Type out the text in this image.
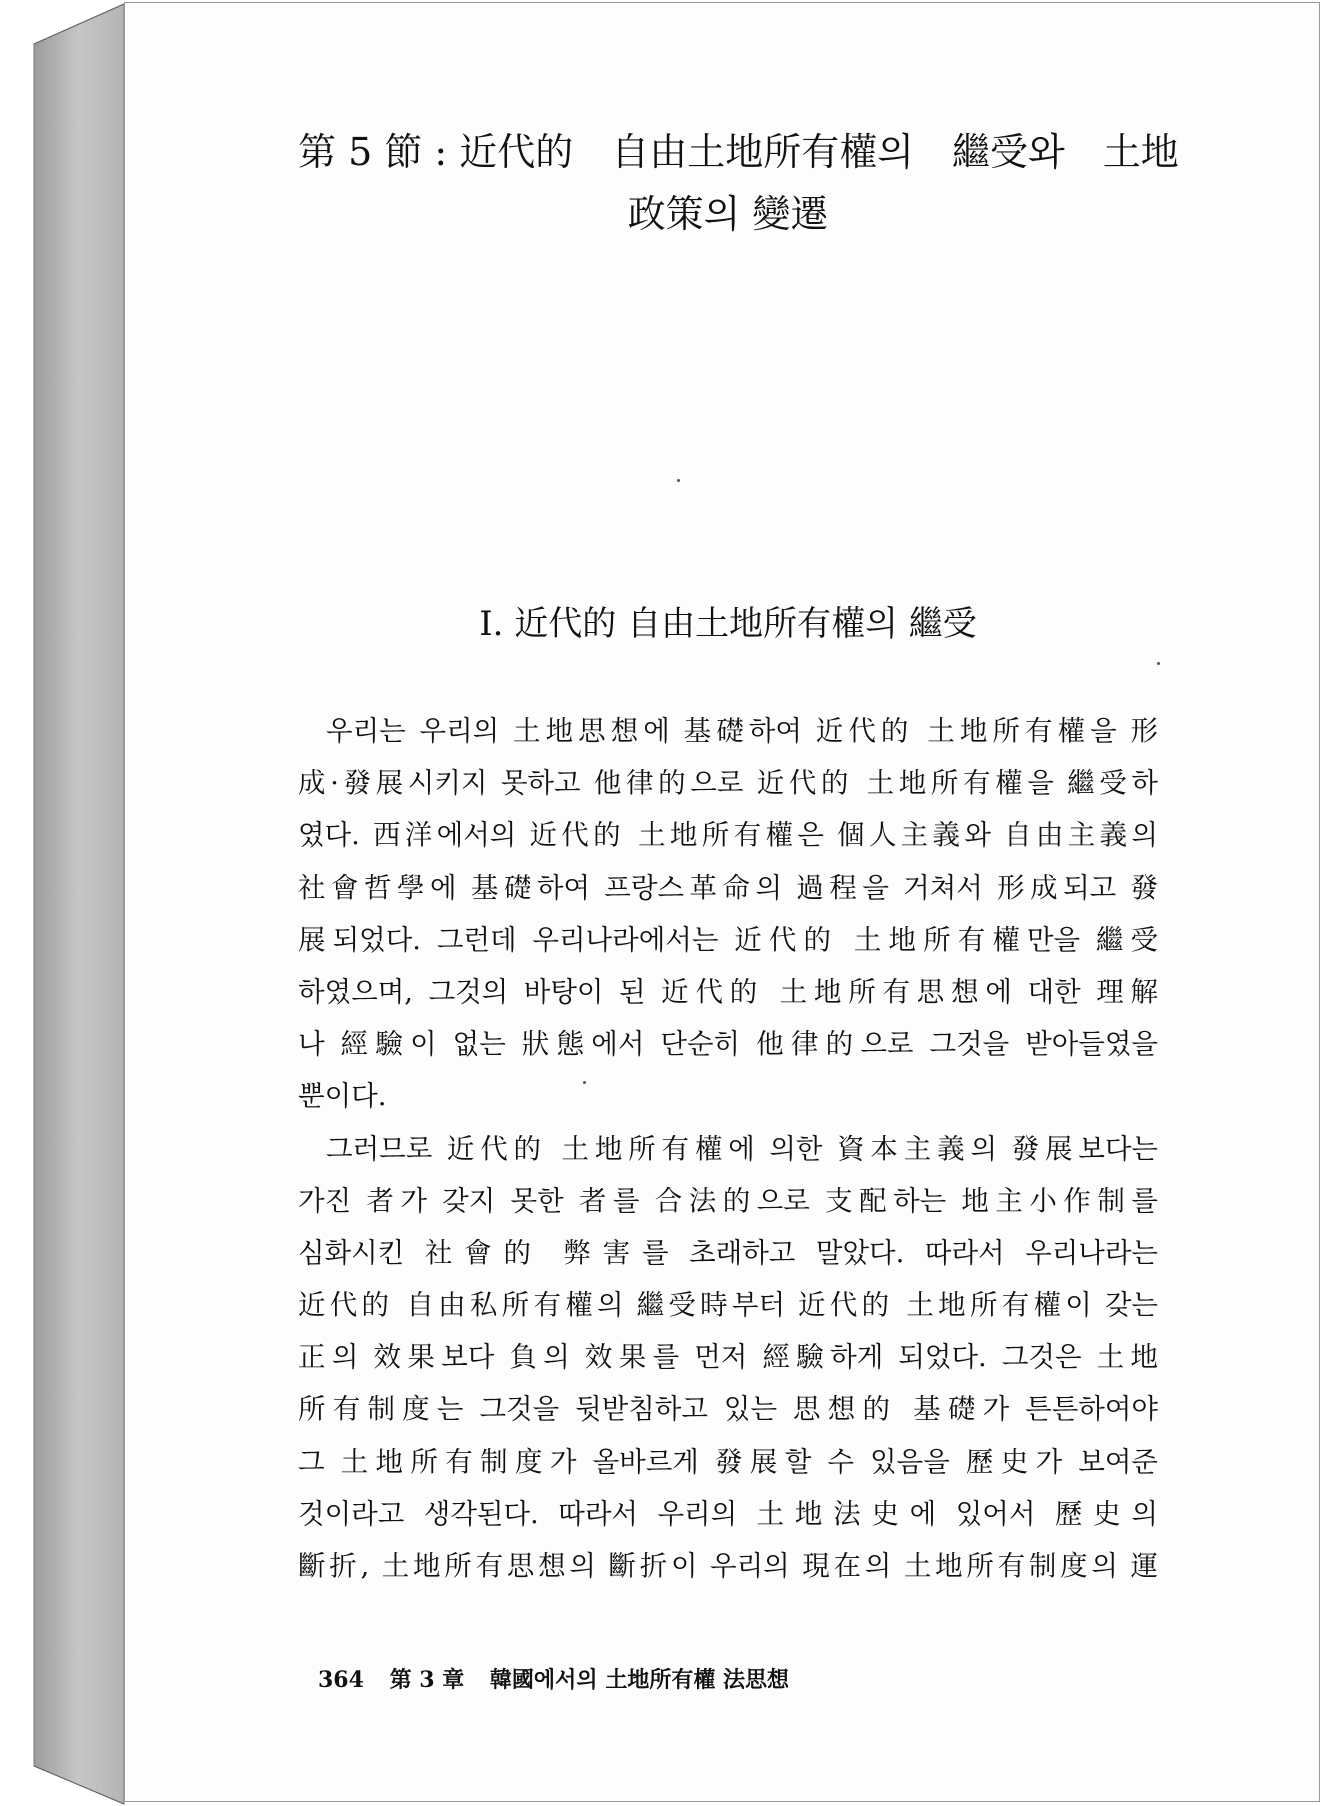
第 5 節 : 近代的　自由土地所有權의　繼受와　土地
政策의 變遷
Ⅰ. 近代的 自由土地所有權의 繼受
우리는 우리의 土地思想에 基礎하여 近代的 土地所有權을 形
成·發展시키지 못하고 他律的으로 近代的 土地所有權을 繼受하
였다. 西洋에서의 近代的 土地所有權은 個人主義와 自由主義의
社會哲學에 基礎하여 프랑스革命의 過程을 거쳐서 形成되고 發
展되었다. 그런데 우리나라에서는 近代的 土地所有權만을 繼受
하였으며, 그것의 바탕이 된 近代的 土地所有思想에 대한 理解
나 經驗이 없는 狀態에서 단순히 他律的으로 그것을 받아들였을
뿐이다.
그러므로 近代的 土地所有權에 의한 資本主義의 發展보다는
가진 者가 갖지 못한 者를 合法的으로 支配하는 地主小作制를
심화시킨 社會的 弊害를 초래하고 말았다. 따라서 우리나라는
近代的 自由私所有權의 繼受時부터 近代的 土地所有權이 갖는
正의 效果보다 負의 效果를 먼저 經驗하게 되었다. 그것은 土地
所有制度는 그것을 뒷받침하고 있는 思想的 基礎가 튼튼하여야
그 土地所有制度가 올바르게 發展할 수 있음을 歷史가 보여준
것이라고 생각된다. 따라서 우리의 土地法史에 있어서 歷史의
斷折, 土地所有思想의 斷折이 우리의 現在의 土地所有制度의 運
364 第 3 章 韓國에서의 土地所有權 法思想
